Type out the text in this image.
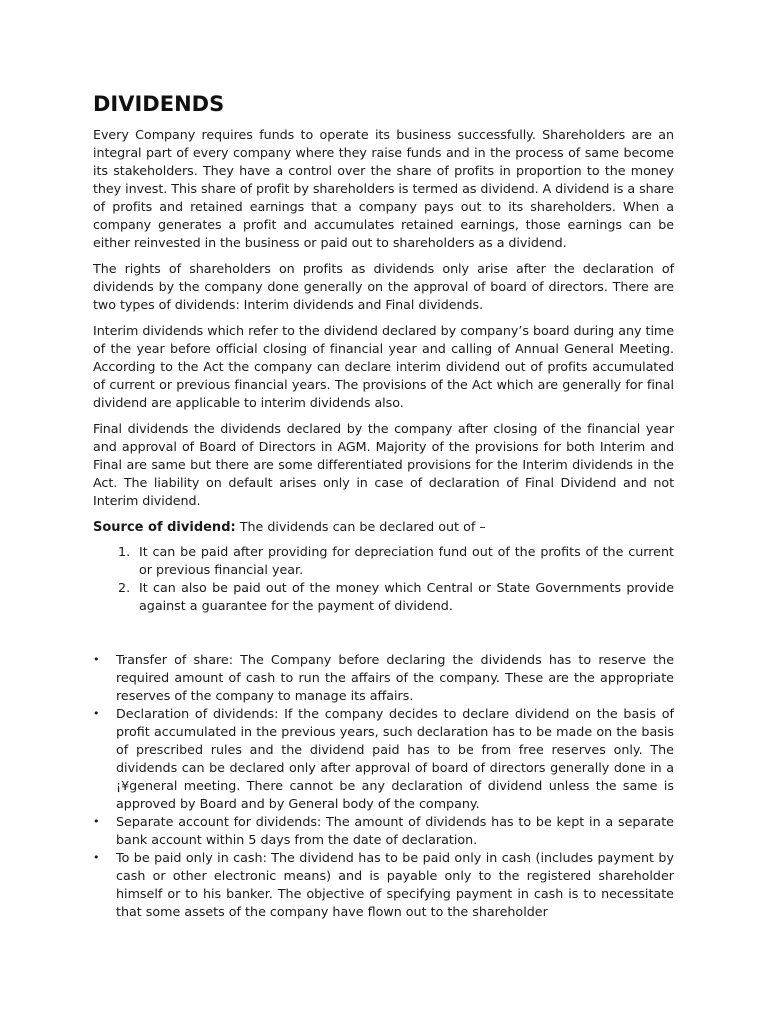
DIVIDENDS

Every Company requires funds to operate its business successfully. Shareholders are an integral part of every company where they raise funds and in the process of same become its stakeholders. They have a control over the share of profits in proportion to the money they invest. This share of profit by shareholders is termed as dividend. A dividend is a share of profits and retained earnings that a company pays out to its shareholders. When a company generates a profit and accumulates retained earnings, those earnings can be either reinvested in the business or paid out to shareholders as a dividend.

The rights of shareholders on profits as dividends only arise after the declaration of dividends by the company done generally on the approval of board of directors. There are two types of dividends: Interim dividends and Final dividends.

Interim dividends which refer to the dividend declared by company’s board during any time of the year before official closing of financial year and calling of Annual General Meeting. According to the Act the company can declare interim dividend out of profits accumulated of current or previous financial years. The provisions of the Act which are generally for final dividend are applicable to interim dividends also.

Final dividends the dividends declared by the company after closing of the financial year and approval of Board of Directors in AGM. Majority of the provisions for both Interim and Final are same but there are some differentiated provisions for the Interim dividends in the Act. The liability on default arises only in case of declaration of Final Dividend and not Interim dividend.

Source of dividend: The dividends can be declared out of –
1. It can be paid after providing for depreciation fund out of the profits of the current or previous financial year.
2. It can also be paid out of the money which Central or State Governments provide against a guarantee for the payment of dividend.
• Transfer of share: The Company before declaring the dividends has to reserve the required amount of cash to run the affairs of the company. These are the appropriate reserves of the company to manage its affairs.
• Declaration of dividends: If the company decides to declare dividend on the basis of profit accumulated in the previous years, such declaration has to be made on the basis of prescribed rules and the dividend paid has to be from free reserves only. The dividends can be declared only after approval of board of directors generally done in a ¡¥general meeting. There cannot be any declaration of dividend unless the same is approved by Board and by General body of the company.
• Separate account for dividends: The amount of dividends has to be kept in a separate bank account within 5 days from the date of declaration.
• To be paid only in cash: The dividend has to be paid only in cash (includes payment by cash or other electronic means) and is payable only to the registered shareholder himself or to his banker. The objective of specifying payment in cash is to necessitate that some assets of the company have flown out to the shareholder
